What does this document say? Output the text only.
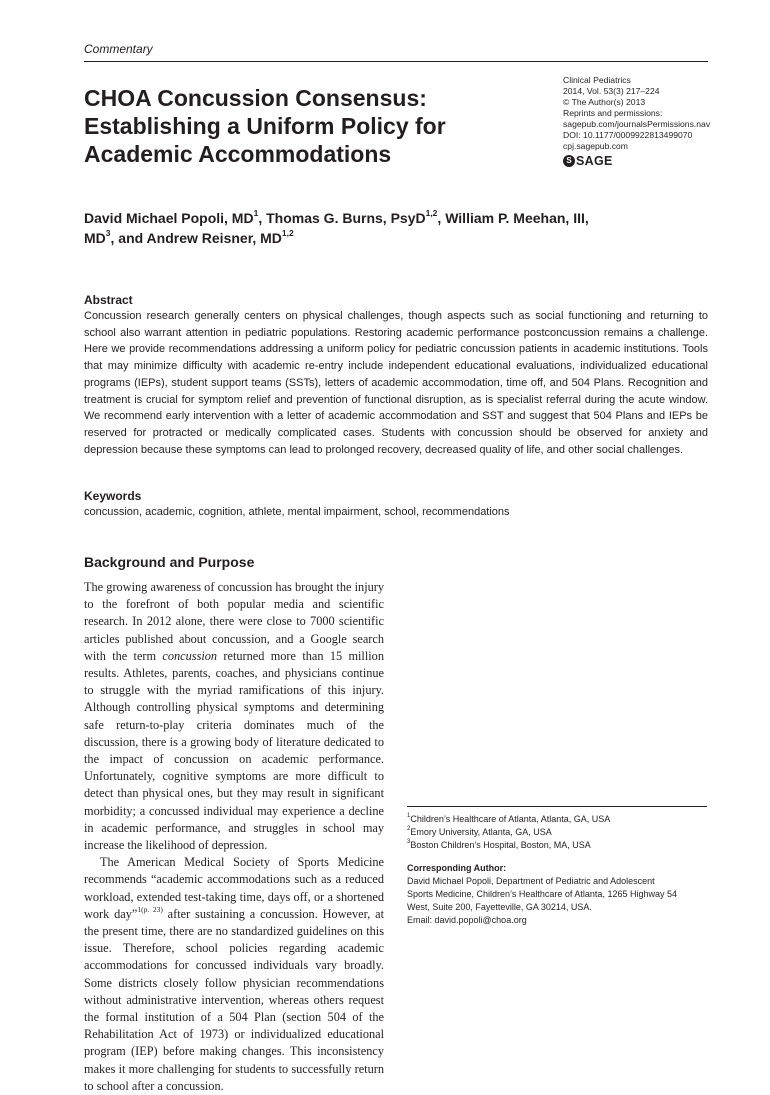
Commentary
CHOA Concussion Consensus:
Establishing a Uniform Policy for
Academic Accommodations
Clinical Pediatrics
2014, Vol. 53(3) 217–224
© The Author(s) 2013
Reprints and permissions:
sagepub.com/journalsPermissions.nav
DOI: 10.1177/0009922813499070
cpj.sagepub.com
S SAGE
David Michael Popoli, $MD^1$, Thomas G. Burns, PsyD$^{1,2}$, William P. Meehan, III,
$MD^3$, and Andrew Reisner, MD$^{1,2}$
Abstract
Concussion research generally centers on physical challenges, though aspects such as social functioning and returning to school also warrant attention in pediatric populations. Restoring academic performance postconcussion remains a challenge. Here we provide recommendations addressing a uniform policy for pediatric concussion patients in academic institutions. Tools that may minimize difficulty with academic re-entry include independent educational evaluations, individualized educational programs (IEPs), student support teams (SSTs), letters of academic accommodation, time off, and 504 Plans. Recognition and treatment is crucial for symptom relief and prevention of functional disruption, as is specialist referral during the acute window. We recommend early intervention with a letter of academic accommodation and SST and suggest that 504 Plans and IEPs be reserved for protracted or medically complicated cases. Students with concussion should be observed for anxiety and depression because these symptoms can lead to prolonged recovery, decreased quality of life, and other social challenges.
Keywords
concussion, academic, cognition, athlete, mental impairment, school, recommendations
Background and Purpose

The growing awareness of concussion has brought the injury to the forefront of both popular media and scientific research. In 2012 alone, there were close to 7000 scientific articles published about concussion, and a Google search with the term concussion returned more than 15 million results. Athletes, parents, coaches, and physicians continue to struggle with the myriad ramifications of this injury. Although controlling physical symptoms and determining safe return-to-play criteria dominates much of the discussion, there is a growing body of literature dedicated to the impact of concussion on academic performance. Unfortunately, cognitive symptoms are more difficult to detect than physical ones, but they may result in significant morbidity; a concussed individual may experience a decline in academic performance, and struggles in school may increase the likelihood of depression.

The American Medical Society of Sports Medicine recommends “academic accommodations such as a reduced workload, extended test-taking time, days off, or a shortened work day”$^{1(p. 23)}$ after sustaining a concussion. However, at the present time, there are no standardized guidelines on this issue. Therefore, school policies regarding academic accommodations for concussed individuals vary broadly. Some districts closely follow physician recommendations without administrative intervention, whereas others request the formal institution of a 504 Plan (section 504 of the Rehabilitation Act of 1973) or individualized educational program (IEP) before making changes. This inconsistency makes it more challenging for students to successfully return to school after a concussion.

$^1$Children’s Healthcare of Atlanta, Atlanta, GA, USA
$^2$Emory University, Atlanta, GA, USA
$^3$Boston Children’s Hospital, Boston, MA, USA
Corresponding Author:
David Michael Popoli, Department of Pediatric and Adolescent
Sports Medicine, Children’s Healthcare of Atlanta, 1265 Highway 54
West, Suite 200, Fayetteville, GA 30214, USA.
Email: david.popoli@choa.org
